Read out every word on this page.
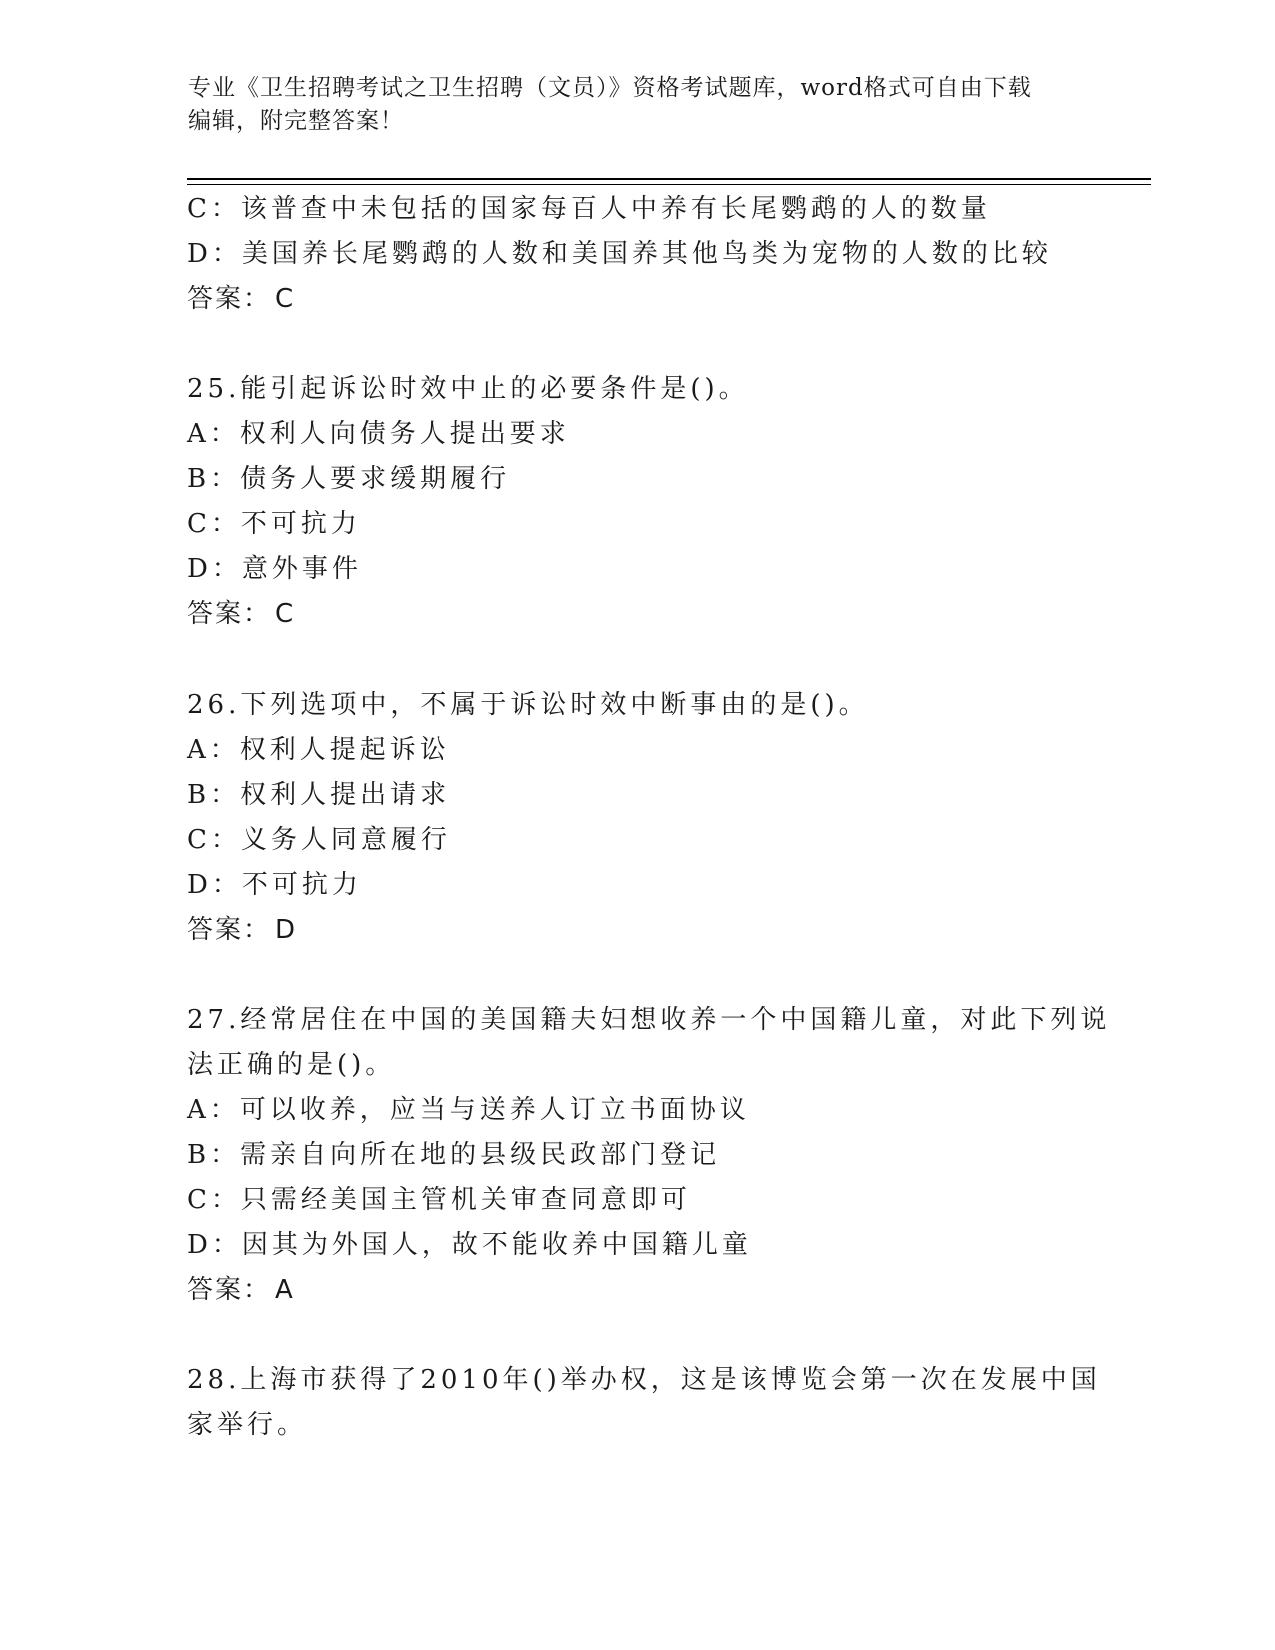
专业《卫生招聘考试之卫生招聘（文员）》资格考试题库，word格式可自由下载
编辑，附完整答案！
C：该普查中未包括的国家每百人中养有长尾鹦鹉的人的数量
D：美国养长尾鹦鹉的人数和美国养其他鸟类为宠物的人数的比较
答案： C
25.能引起诉讼时效中止的必要条件是()。
A：权利人向债务人提出要求
B：债务人要求缓期履行
C：不可抗力
D：意外事件
答案： C
26.下列选项中，不属于诉讼时效中断事由的是()。
A：权利人提起诉讼
B：权利人提出请求
C：义务人同意履行
D：不可抗力
答案： D
27.经常居住在中国的美国籍夫妇想收养一个中国籍儿童，对此下列说
法正确的是()。
A：可以收养，应当与送养人订立书面协议
B：需亲自向所在地的县级民政部门登记
C：只需经美国主管机关审查同意即可
D：因其为外国人，故不能收养中国籍儿童
答案： A
28.上海市获得了2010年()举办权，这是该博览会第一次在发展中国
家举行。
